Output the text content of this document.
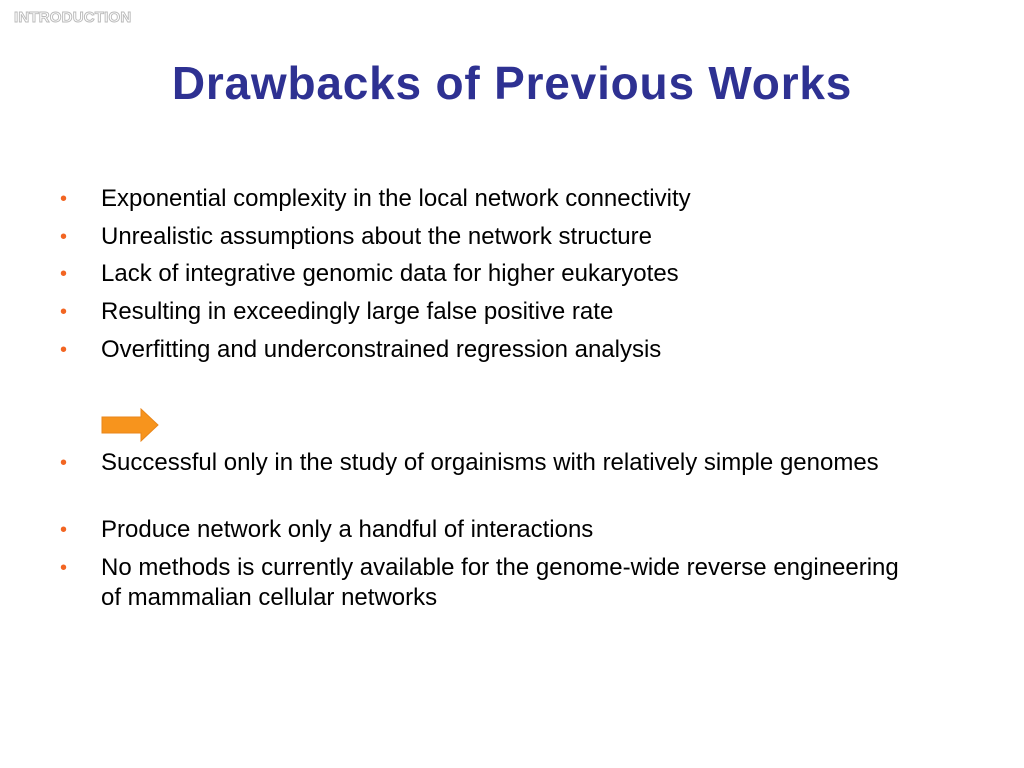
INTRODUCTION
Drawbacks of Previous Works
• Exponential complexity in the local network connectivity
• Unrealistic assumptions about the network structure
• Lack of integrative genomic data for higher eukaryotes
• Resulting in exceedingly large false positive rate
• Overfitting and underconstrained regression analysis
• Successful only in the study of orgainisms with relatively simple genomes
• Produce network only a handful of interactions
• No methods is currently available for the genome-wide reverse engineering of mammalian cellular networks
